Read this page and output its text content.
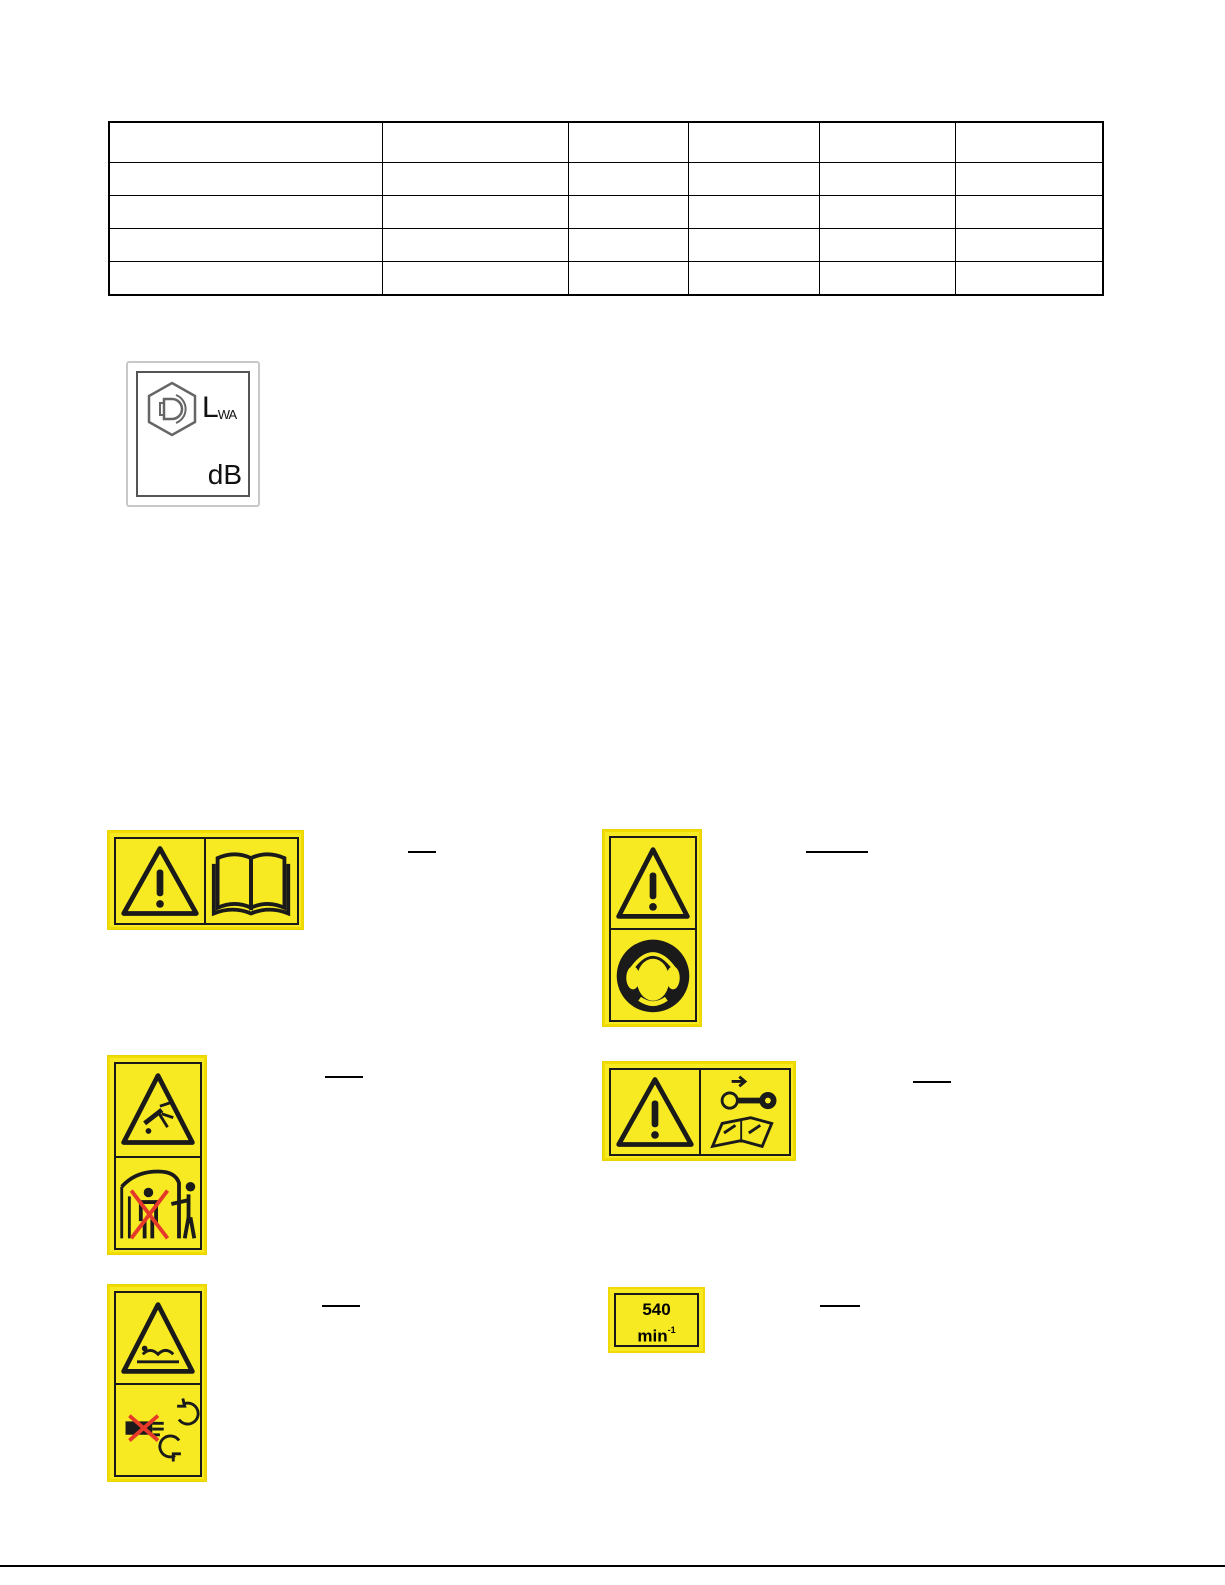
LWA
dB
540
$\min^{-1}$
